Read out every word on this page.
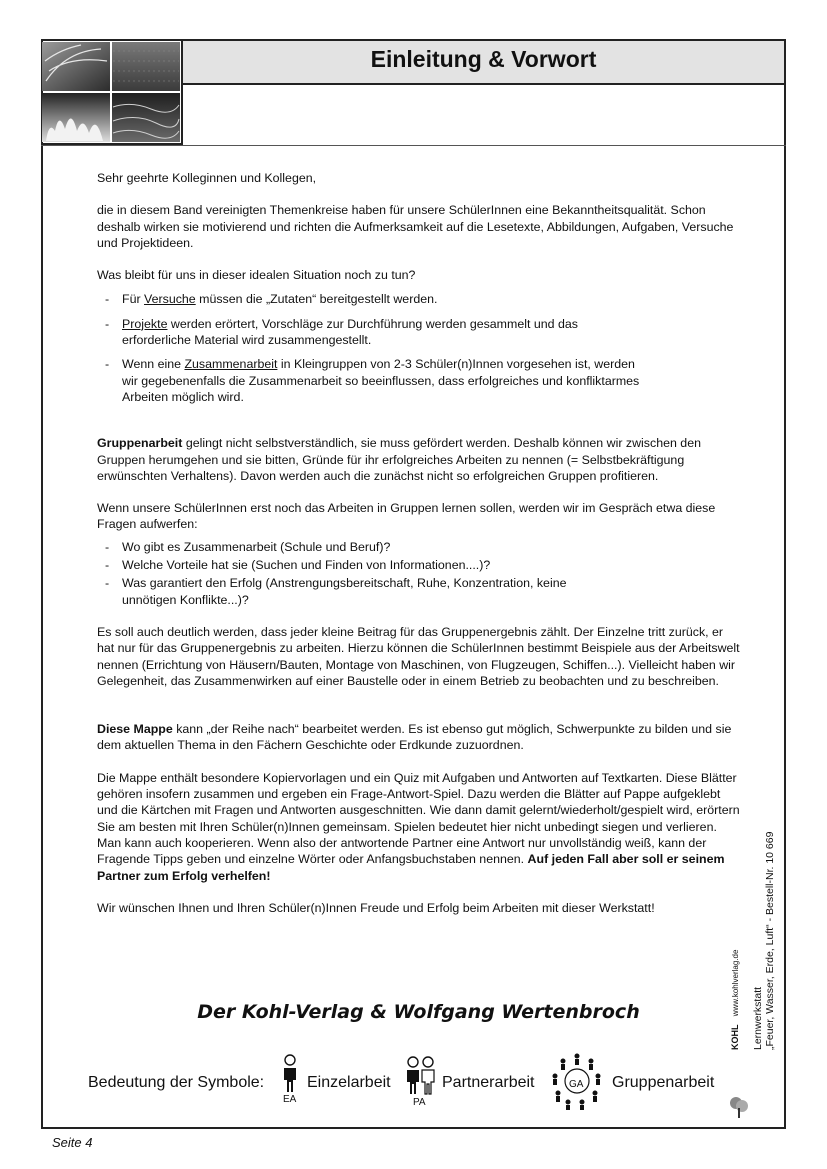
Einleitung & Vorwort

Sehr geehrte Kolleginnen und Kollegen,

die in diesem Band vereinigten Themenkreise haben für unsere SchülerInnen eine Bekanntheitsqualität. Schon deshalb wirken sie motivierend und richten die Aufmerksamkeit auf die Lesetexte, Abbildungen, Aufgaben, Versuche und Projektideen.

Was bleibt für uns in dieser idealen Situation noch zu tun?

- Für Versuche müssen die „Zutaten“ bereitgestellt werden.
- Projekte werden erörtert, Vorschläge zur Durchführung werden gesammelt und das erforderliche Material wird zusammengestellt.
- Wenn eine Zusammenarbeit in Kleingruppen von 2-3 Schüler(n)Innen vorgesehen ist, werden wir gegebenenfalls die Zusammenarbeit so beeinflussen, dass erfolgreiches und konfliktarmes Arbeiten möglich wird.

Gruppenarbeit gelingt nicht selbstverständlich, sie muss gefördert werden. Deshalb können wir zwischen den Gruppen herumgehen und sie bitten, Gründe für ihr erfolgreiches Arbeiten zu nennen (= Selbstbekräftigung erwünschten Verhaltens). Davon werden auch die zunächst nicht so erfolgreichen Gruppen profitieren.

Wenn unsere SchülerInnen erst noch das Arbeiten in Gruppen lernen sollen, werden wir im Gespräch etwa diese Fragen aufwerfen:

- Wo gibt es Zusammenarbeit (Schule und Beruf)?
- Welche Vorteile hat sie (Suchen und Finden von Informationen....)?
- Was garantiert den Erfolg (Anstrengungsbereitschaft, Ruhe, Konzentration, keine unnötigen Konflikte...)?

Es soll auch deutlich werden, dass jeder kleine Beitrag für das Gruppenergebnis zählt. Der Einzelne tritt zurück, er hat nur für das Gruppenergebnis zu arbeiten. Hierzu können die SchülerInnen bestimmt Beispiele aus der Arbeitswelt nennen (Errichtung von Häusern/Bauten, Montage von Maschinen, von Flugzeugen, Schiffen...). Vielleicht haben wir Gelegenheit, das Zusammenwirken auf einer Baustelle oder in einem Betrieb zu beobachten und zu beschreiben.

Diese Mappe kann „der Reihe nach“ bearbeitet werden. Es ist ebenso gut möglich, Schwerpunkte zu bilden und sie dem aktuellen Thema in den Fächern Geschichte oder Erdkunde zuzuordnen.

Die Mappe enthält besondere Kopiervorlagen und ein Quiz mit Aufgaben und Antworten auf Textkarten. Diese Blätter gehören insofern zusammen und ergeben ein Frage-Antwort-Spiel. Dazu werden die Blätter auf Pappe aufgeklebt und die Kärtchen mit Fragen und Antworten ausgeschnitten. Wie dann damit gelernt/wiederholt/gespielt wird, erörtern Sie am besten mit Ihren Schüler(n)Innen gemeinsam. Spielen bedeutet hier nicht unbedingt siegen und verlieren. Man kann auch kooperieren. Wenn also der antwortende Partner eine Antwort nur unvollständig weiß, kann der Fragende Tipps geben und einzelne Wörter oder Anfangsbuchstaben nennen. Auf jeden Fall aber soll er seinem Partner zum Erfolg verhelfen!

Wir wünschen Ihnen und Ihren Schüler(n)Innen Freude und Erfolg beim Arbeiten mit dieser Werkstatt!

Der Kohl-Verlag & Wolfgang Wertenbroch
Bedeutung der Symbole:
EA
Einzelarbeit
PA
Partnerarbeit	GA Gruppenarbeit
Lernwerkstatt „Feuer, Wasser, Erde, Luft“ - Bestell-Nr. 10 669
KOHL www.kohlverlag.de
Seite 4
